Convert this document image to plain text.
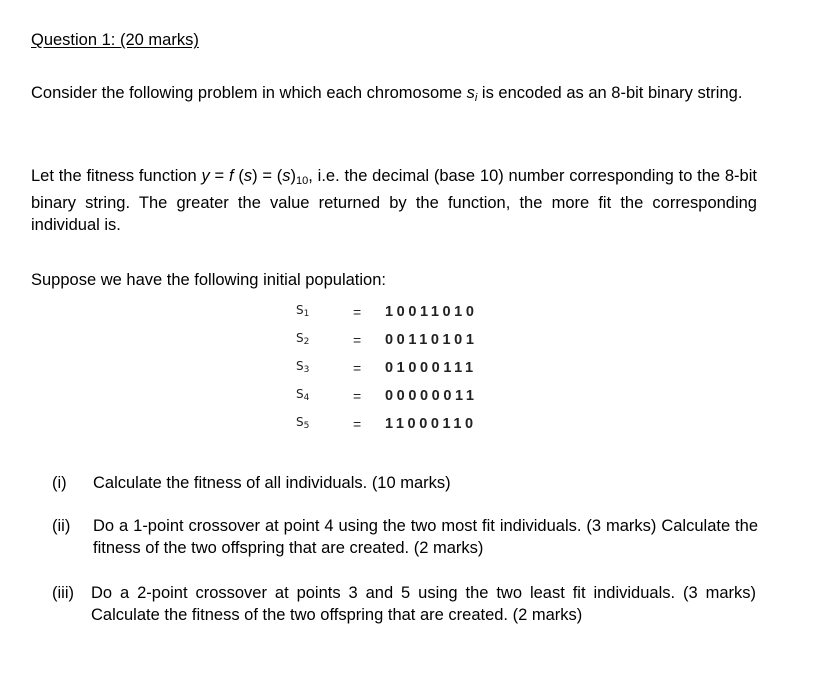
Question 1: (20 marks)
Consider the following problem in which each chromosome $s_i$ is encoded as an 8-bit binary string.
Let the fitness function y = f $(s) = (s)_{10}$, i.e. the decimal (base 10) number corresponding to the 8-bit binary string. The greater the value returned by the function, the more fit the corresponding individual is.
Suppose we have the following initial population:
S1	=	10011010
S2	=	00110101
S3	=	01000111
S4	=	00000011
S5	=	11000110
(i) Calculate the fitness of all individuals. (10 marks)
(ii) Do a 1-point crossover at point 4 using the two most fit individuals. (3 marks) Calculate the fitness of the two offspring that are created. (2 marks)
(iii) Do a 2-point crossover at points 3 and 5 using the two least fit individuals. (3 marks) Calculate the fitness of the two offspring that are created. (2 marks)
